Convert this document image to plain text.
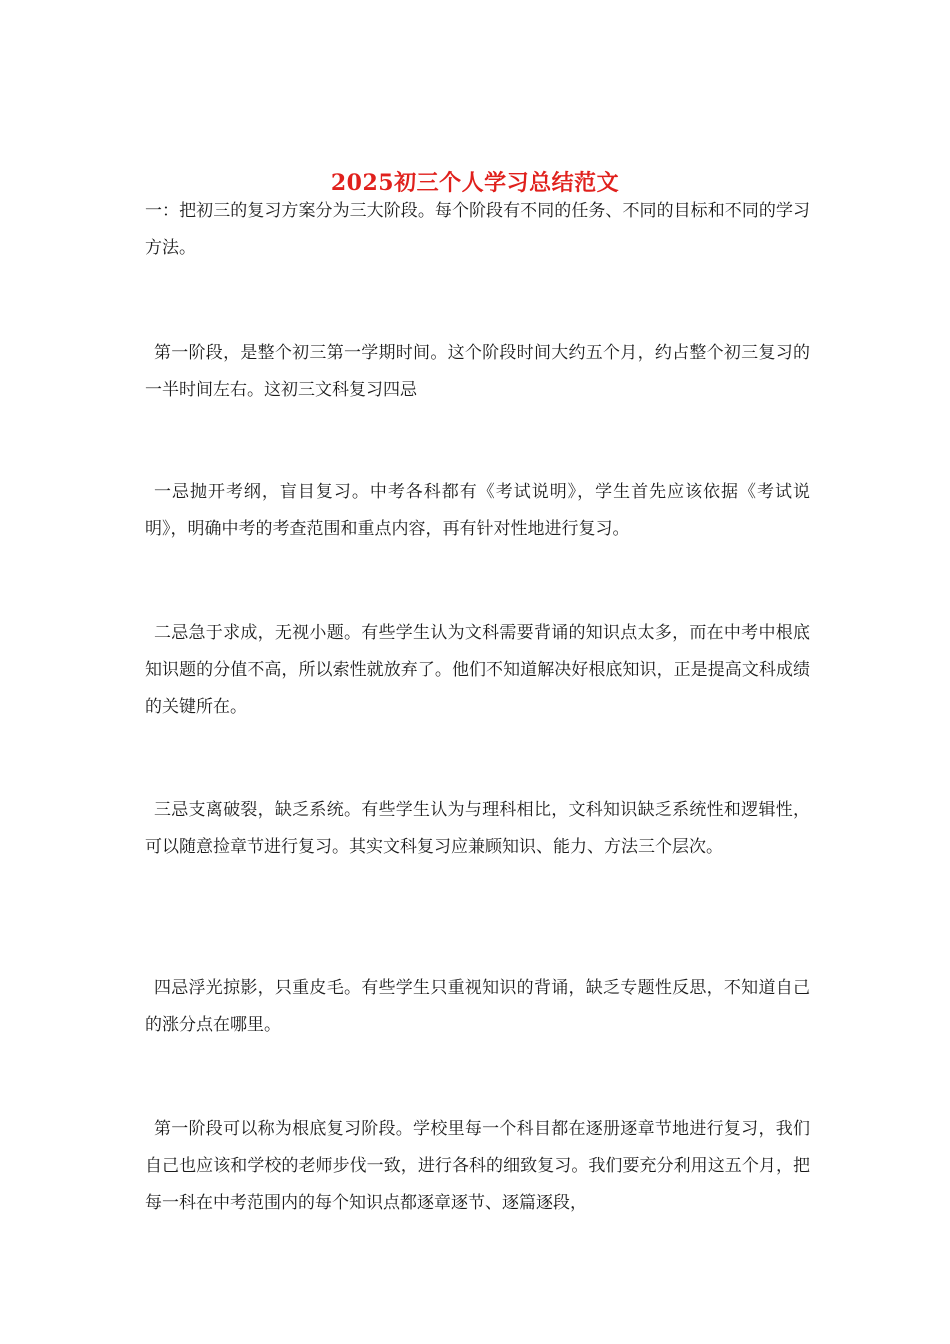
2025初三个人学习总结范文

一：把初三的复习方案分为三大阶段。每个阶段有不同的任务、不同的目标和不同的学习方法。

第一阶段，是整个初三第一学期时间。这个阶段时间大约五个月，约占整个初三复习的一半时间左右。这初三文科复习四忌

一忌抛开考纲，盲目复习。中考各科都有《考试说明》，学生首先应该依据《考试说明》，明确中考的考查范围和重点内容，再有针对性地进行复习。

二忌急于求成，无视小题。有些学生认为文科需要背诵的知识点太多，而在中考中根底知识题的分值不高，所以索性就放弃了。他们不知道解决好根底知识，正是提高文科成绩的关键所在。

三忌支离破裂，缺乏系统。有些学生认为与理科相比，文科知识缺乏系统性和逻辑性，可以随意捡章节进行复习。其实文科复习应兼顾知识、能力、方法三个层次。

四忌浮光掠影，只重皮毛。有些学生只重视知识的背诵，缺乏专题性反思，不知道自己的涨分点在哪里。

第一阶段可以称为根底复习阶段。学校里每一个科目都在逐册逐章节地进行复习，我们自己也应该和学校的老师步伐一致，进行各科的细致复习。我们要充分利用这五个月，把每一科在中考范围内的每个知识点都逐章逐节、逐篇逐段，
